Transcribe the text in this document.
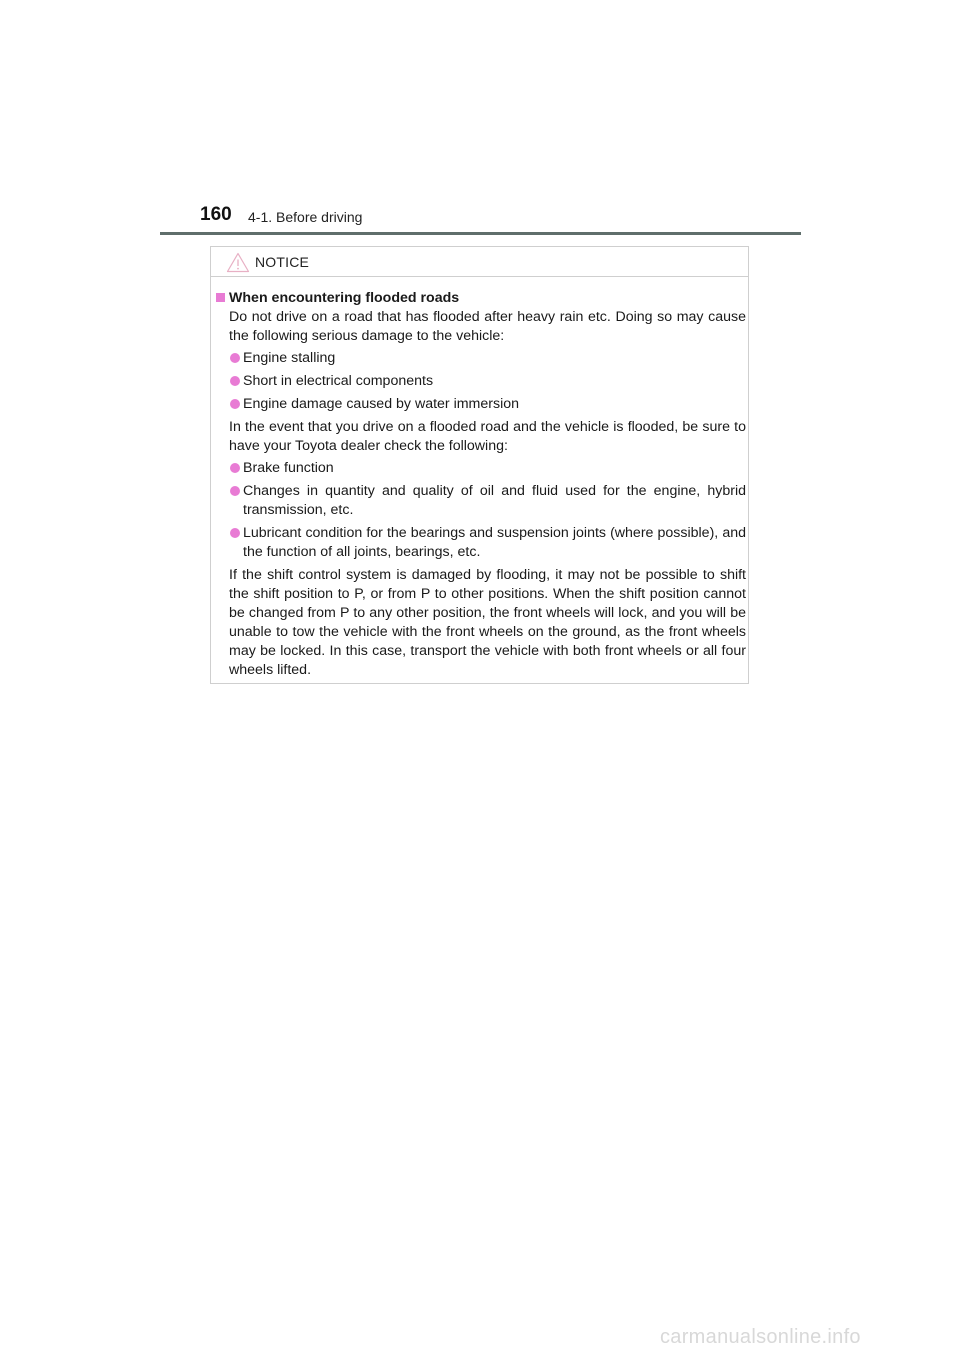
160 4-1. Before driving
NOTICE
When encountering flooded roads

Do not drive on a road that has flooded after heavy rain etc. Doing so may cause the following serious damage to the vehicle:

Engine stalling
Short in electrical components
Engine damage caused by water immersion

In the event that you drive on a flooded road and the vehicle is flooded, be sure to have your Toyota dealer check the following:

Brake function
Changes in quantity and quality of oil and fluid used for the engine, hybrid transmission, etc.
Lubricant condition for the bearings and suspension joints (where possible), and the function of all joints, bearings, etc.

If the shift control system is damaged by flooding, it may not be possible to shift the shift position to P, or from P to other positions. When the shift position cannot be changed from P to any other position, the front wheels will lock, and you will be unable to tow the vehicle with the front wheels on the ground, as the front wheels may be locked. In this case, transport the vehicle with both front wheels or all four wheels lifted.

carmanualsonline.info
